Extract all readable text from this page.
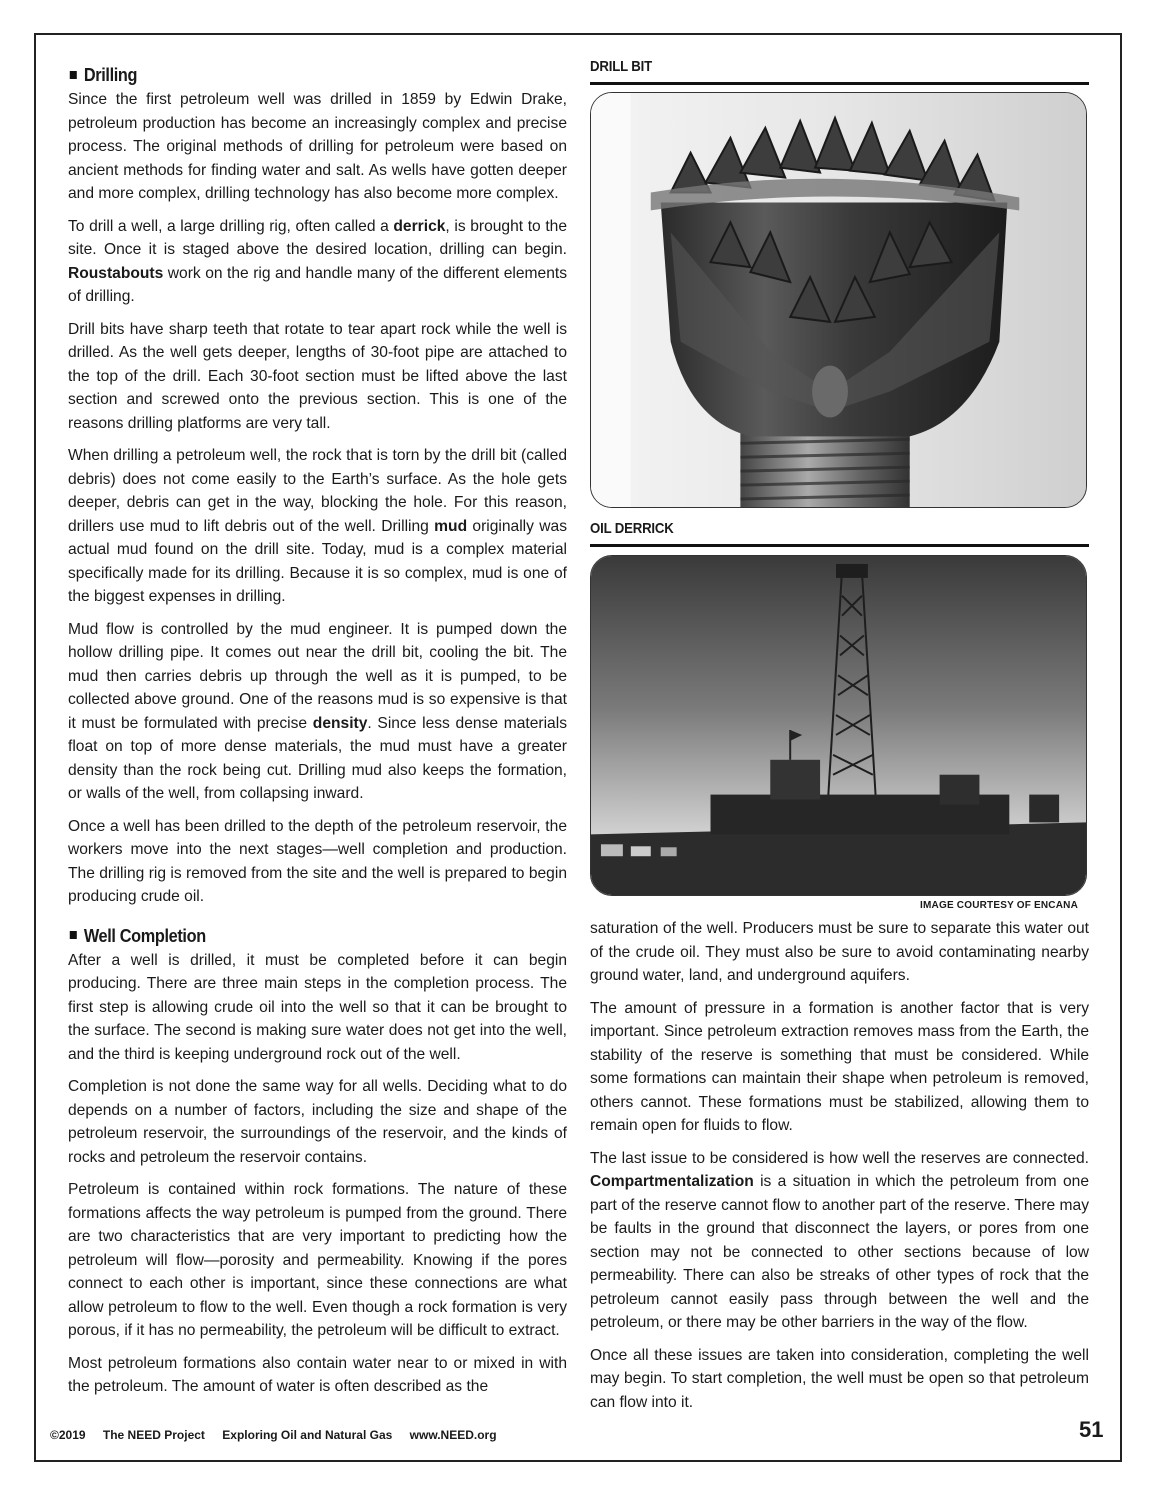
Drilling

Since the first petroleum well was drilled in 1859 by Edwin Drake, petroleum production has become an increasingly complex and precise process. The original methods of drilling for petroleum were based on ancient methods for finding water and salt. As wells have gotten deeper and more complex, drilling technology has also become more complex.

To drill a well, a large drilling rig, often called a derrick, is brought to the site. Once it is staged above the desired location, drilling can begin. Roustabouts work on the rig and handle many of the different elements of drilling.

Drill bits have sharp teeth that rotate to tear apart rock while the well is drilled. As the well gets deeper, lengths of 30-foot pipe are attached to the top of the drill. Each 30-foot section must be lifted above the last section and screwed onto the previous section. This is one of the reasons drilling platforms are very tall.

When drilling a petroleum well, the rock that is torn by the drill bit (called debris) does not come easily to the Earth’s surface. As the hole gets deeper, debris can get in the way, blocking the hole. For this reason, drillers use mud to lift debris out of the well. Drilling mud originally was actual mud found on the drill site. Today, mud is a complex material specifically made for its drilling. Because it is so complex, mud is one of the biggest expenses in drilling.

Mud flow is controlled by the mud engineer. It is pumped down the hollow drilling pipe. It comes out near the drill bit, cooling the bit. The mud then carries debris up through the well as it is pumped, to be collected above ground. One of the reasons mud is so expensive is that it must be formulated with precise density. Since less dense materials float on top of more dense materials, the mud must have a greater density than the rock being cut. Drilling mud also keeps the formation, or walls of the well, from collapsing inward.

Once a well has been drilled to the depth of the petroleum reservoir, the workers move into the next stages—well completion and production. The drilling rig is removed from the site and the well is prepared to begin producing crude oil.

Well Completion

After a well is drilled, it must be completed before it can begin producing. There are three main steps in the completion process. The first step is allowing crude oil into the well so that it can be brought to the surface. The second is making sure water does not get into the well, and the third is keeping underground rock out of the well.

Completion is not done the same way for all wells. Deciding what to do depends on a number of factors, including the size and shape of the petroleum reservoir, the surroundings of the reservoir, and the kinds of rocks and petroleum the reservoir contains.

Petroleum is contained within rock formations. The nature of these formations affects the way petroleum is pumped from the ground. There are two characteristics that are very important to predicting how the petroleum will flow—porosity and permeability. Knowing if the pores connect to each other is important, since these connections are what allow petroleum to flow to the well. Even though a rock formation is very porous, if it has no permeability, the petroleum will be difficult to extract.

Most petroleum formations also contain water near to or mixed in with the petroleum. The amount of water is often described as the

DRILL BIT
OIL DERRICK
IMAGE COURTESY OF ENCANA

saturation of the well. Producers must be sure to separate this water out of the crude oil. They must also be sure to avoid contaminating nearby ground water, land, and underground aquifers.

The amount of pressure in a formation is another factor that is very important. Since petroleum extraction removes mass from the Earth, the stability of the reserve is something that must be considered. While some formations can maintain their shape when petroleum is removed, others cannot. These formations must be stabilized, allowing them to remain open for fluids to flow.

The last issue to be considered is how well the reserves are connected. Compartmentalization is a situation in which the petroleum from one part of the reserve cannot flow to another part of the reserve. There may be faults in the ground that disconnect the layers, or pores from one section may not be connected to other sections because of low permeability. There can also be streaks of other types of rock that the petroleum cannot easily pass through between the well and the petroleum, or there may be other barriers in the way of the flow.

Once all these issues are taken into consideration, completing the well may begin. To start completion, the well must be open so that petroleum can flow into it.

©2019 The NEED Project Exploring Oil and Natural Gas www.NEED.org	51
